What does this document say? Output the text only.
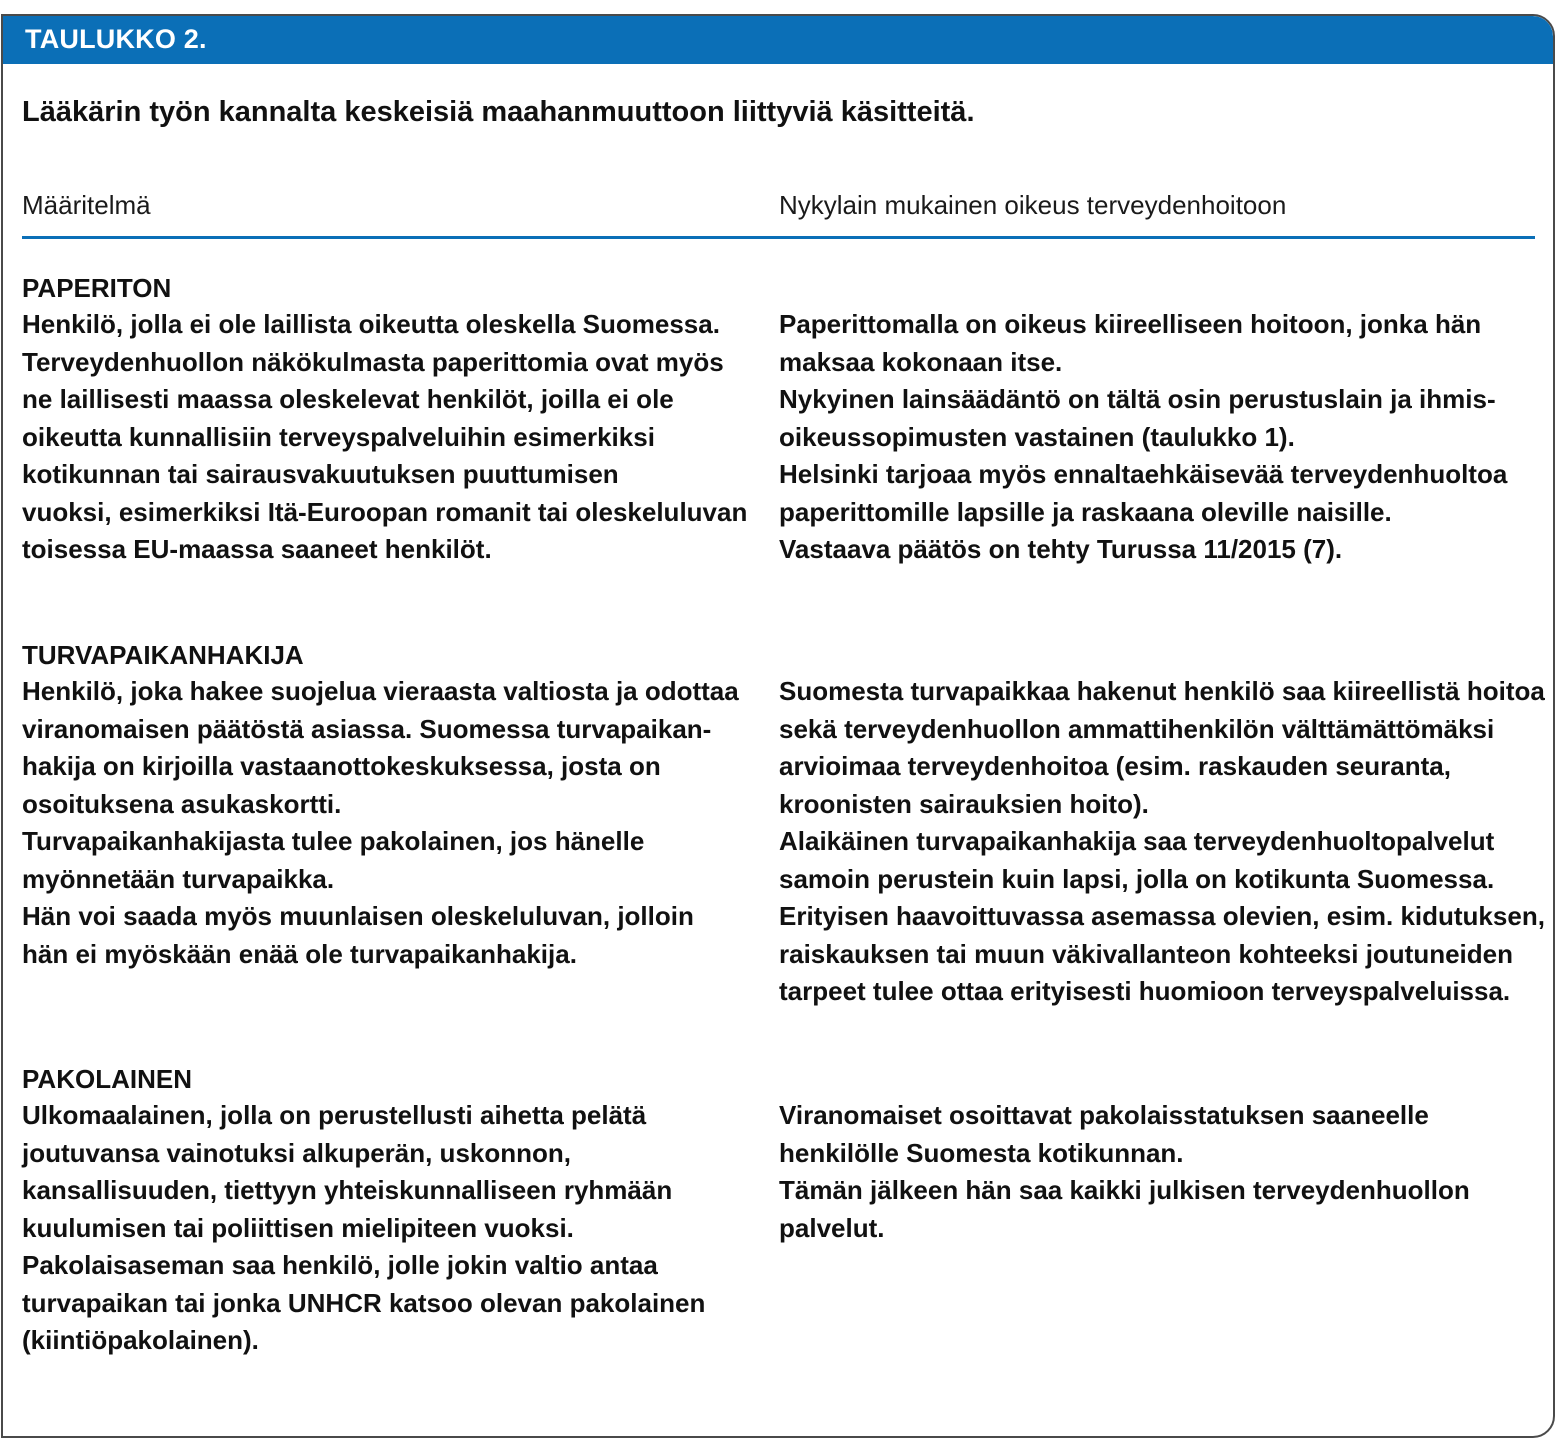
TAULUKKO 2.
Lääkärin työn kannalta keskeisiä maahanmuuttoon liittyviä käsitteitä.
Määritelmä	Nykylain mukainen oikeus terveydenhoitoon
PAPERITON
Henkilö, jolla ei ole laillista oikeutta oleskella Suomessa.
Terveydenhuollon näkökulmasta paperittomia ovat myös
ne laillisesti maassa oleskelevat henkilöt, joilla ei ole
oikeutta kunnallisiin terveyspalveluihin esimerkiksi
kotikunnan tai sairausvakuutuksen puuttumisen
vuoksi, esimerkiksi Itä-Euroopan romanit tai oleskeluluvan
toisessa EU-maassa saaneet henkilöt.
Paperittomalla on oikeus kiireelliseen hoitoon, jonka hän
maksaa kokonaan itse.
Nykyinen lainsäädäntö on tältä osin perustuslain ja ihmis-
oikeussopimusten vastainen (taulukko 1).
Helsinki tarjoaa myös ennaltaehkäisevää terveydenhuoltoa
paperittomille lapsille ja raskaana oleville naisille.
Vastaava päätös on tehty Turussa 11/2015 (7).
TURVAPAIKANHAKIJA
Henkilö, joka hakee suojelua vieraasta valtiosta ja odottaa
viranomaisen päätöstä asiassa. Suomessa turvapaikan-
hakija on kirjoilla vastaanottokeskuksessa, josta on
osoituksena asukaskortti.
Turvapaikanhakijasta tulee pakolainen, jos hänelle
myönnetään turvapaikka.
Hän voi saada myös muunlaisen oleskeluluvan, jolloin
hän ei myöskään enää ole turvapaikanhakija.
Suomesta turvapaikkaa hakenut henkilö saa kiireellistä hoitoa
sekä terveydenhuollon ammattihenkilön välttämättömäksi
arvioimaa terveydenhoitoa (esim. raskauden seuranta,
kroonisten sairauksien hoito).
Alaikäinen turvapaikanhakija saa terveydenhuoltopalvelut
samoin perustein kuin lapsi, jolla on kotikunta Suomessa.
Erityisen haavoittuvassa asemassa olevien, esim. kidutuksen,
raiskauksen tai muun väkivallanteon kohteeksi joutuneiden
tarpeet tulee ottaa erityisesti huomioon terveyspalveluissa.
PAKOLAINEN
Ulkomaalainen, jolla on perustellusti aihetta pelätä
joutuvansa vainotuksi alkuperän, uskonnon,
kansallisuuden, tiettyyn yhteiskunnalliseen ryhmään
kuulumisen tai poliittisen mielipiteen vuoksi.
Pakolaisaseman saa henkilö, jolle jokin valtio antaa
turvapaikan tai jonka UNHCR katsoo olevan pakolainen
(kiintiöpakolainen).
Viranomaiset osoittavat pakolaisstatuksen saaneelle
henkilölle Suomesta kotikunnan.
Tämän jälkeen hän saa kaikki julkisen terveydenhuollon
palvelut.
